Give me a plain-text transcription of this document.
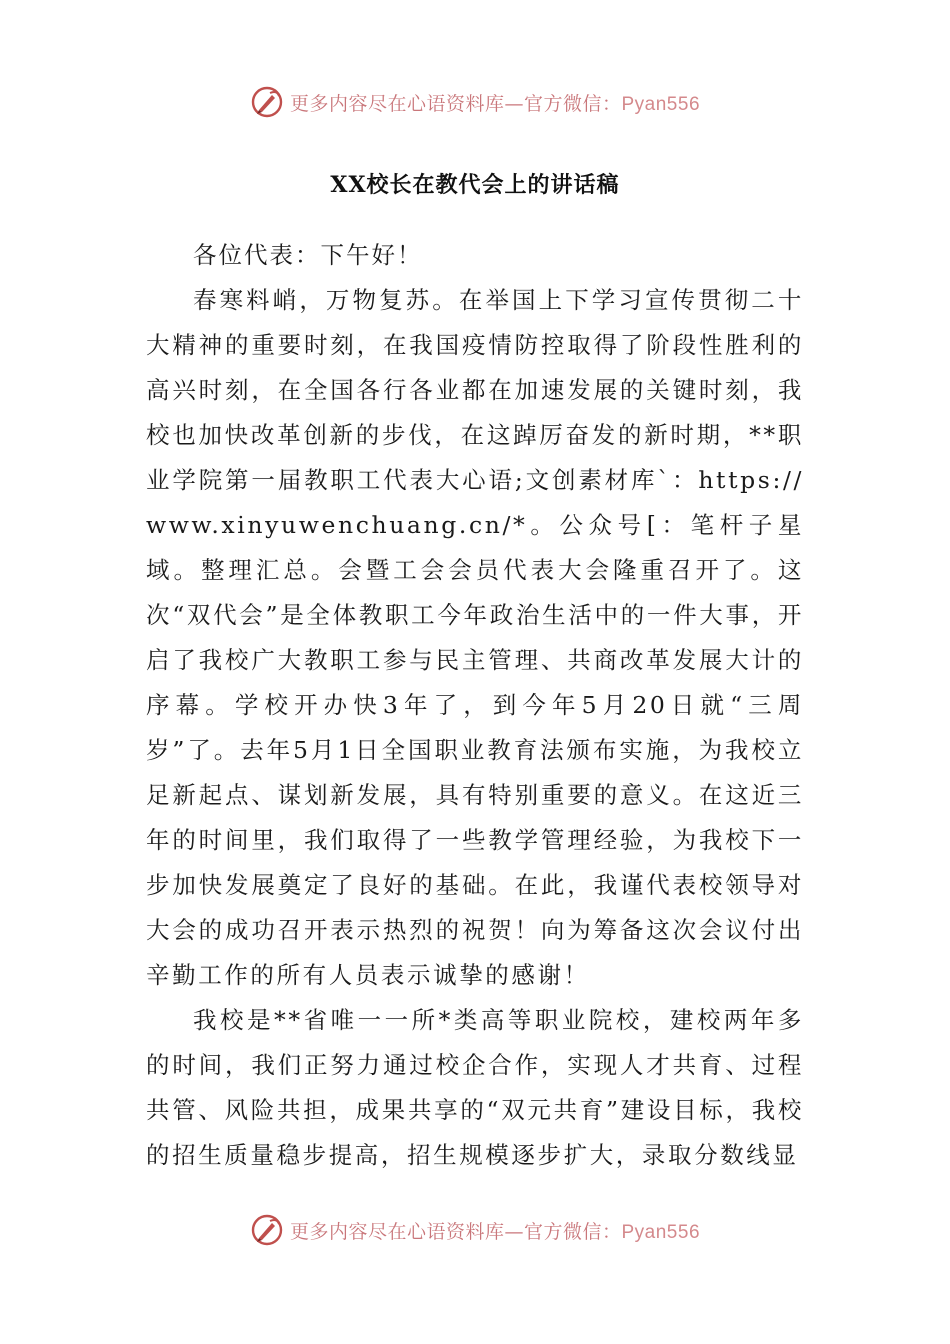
更多内容尽在心语资料库—官方微信：Pyan556
XX校长在教代会上的讲话稿

各位代表：下午好！

春寒料峭，万物复苏。在举国上下学习宣传贯彻二十大精神的重要时刻，在我国疫情防控取得了阶段性胜利的高兴时刻，在全国各行各业都在加速发展的关键时刻，我校也加快改革创新的步伐，在这踔厉奋发的新时期，**职业学院第一届教职工代表大心语;文创素材库`：https://www.xinyuwenchuang.cn/*。公众号[：笔杆子星域。整理汇总。会暨工会会员代表大会隆重召开了。这次“双代会”是全体教职工今年政治生活中的一件大事，开启了我校广大教职工参与民主管理、共商改革发展大计的序幕。学校开办快3年了，到今年5月20日就“三周岁”了。去年5月1日全国职业教育法颁布实施，为我校立足新起点、谋划新发展，具有特别重要的意义。在这近三年的时间里，我们取得了一些教学管理经验，为我校下一步加快发展奠定了良好的基础。在此，我谨代表校领导对大会的成功召开表示热烈的祝贺！向为筹备这次会议付出辛勤工作的所有人员表示诚挚的感谢！

我校是**省唯一一所*类高等职业院校，建校两年多的时间，我们正努力通过校企合作，实现人才共育、过程共管、风险共担，成果共享的“双元共育”建设目标，我校的招生质量稳步提高，招生规模逐步扩大，录取分数线显

更多内容尽在心语资料库—官方微信：Pyan556
